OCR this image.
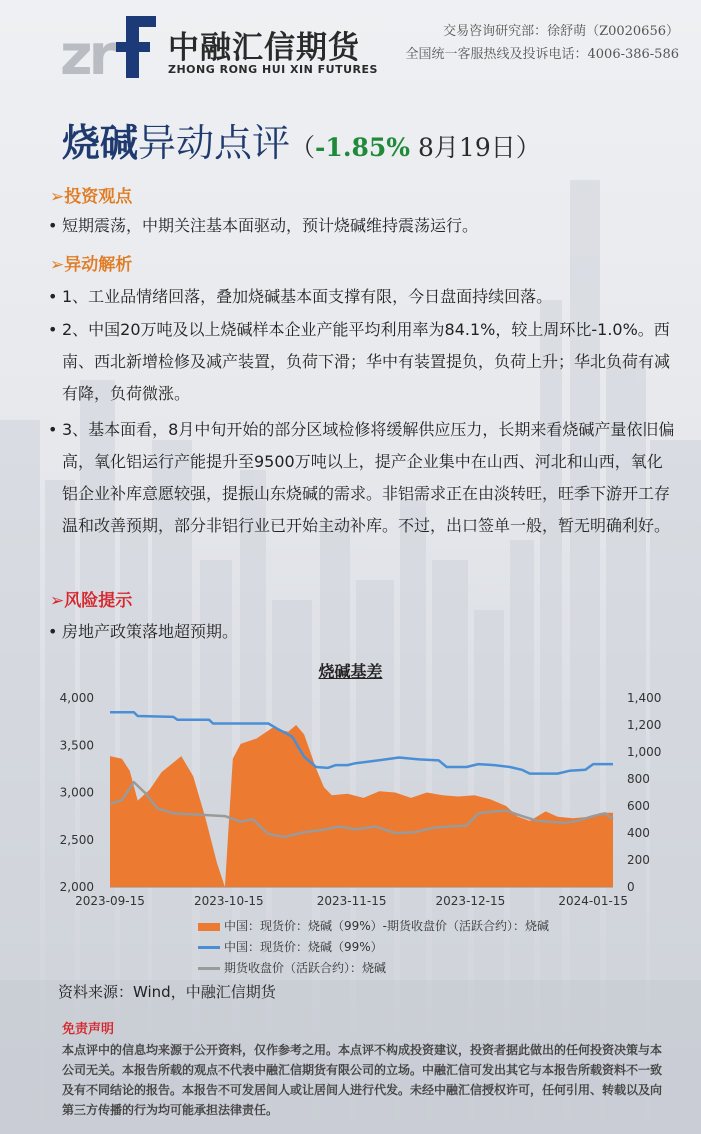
zr 中融汇信期货
ZHONG RONG HUI XIN FUTURES
交易咨询研究部：徐舒萌（Z0020656）
全国统一客服热线及投诉电话：4006-386-586
烧碱异动点评（-1.85% 8月19日）
➢投资观点
• 短期震荡，中期关注基本面驱动，预计烧碱维持震荡运行。
➢异动解析
• 1、工业品情绪回落，叠加烧碱基本面支撑有限，今日盘面持续回落。
• 2、中国20万吨及以上烧碱样本企业产能平均利用率为84.1%，较上周环比-1.0%。西南、西北新增检修及减产装置，负荷下滑；华中有装置提负，负荷上升；华北负荷有减有降，负荷微涨。
• 3、基本面看，8月中旬开始的部分区域检修将缓解供应压力，长期来看烧碱产量依旧偏高，氧化铝运行产能提升至9500万吨以上，提产企业集中在山西、河北和山西，氧化铝企业补库意愿较强，提振山东烧碱的需求。非铝需求正在由淡转旺，旺季下游开工存温和改善预期，部分非铝行业已开始主动补库。不过，出口签单一般，暂无明确利好。
➢风险提示
• 房地产政策落地超预期。
烧碱基差
2,000
2,500
3,000
3,500
4,000
0
200
400
600
800
1,000
1,200
1,400
2023-09-15	2023-10-15	2023-11-15	2023-12-15	2024-01-15
中国：现货价：烧碱（99%）-期货收盘价（活跃合约）：烧碱
中国：现货价：烧碱（99%）
期货收盘价（活跃合约）：烧碱
资料来源：Wind，中融汇信期货
免责声明
本点评中的信息均来源于公开资料，仅作参考之用。本点评不构成投资建议，投资者据此做出的任何投资决策与本公司无关。本报告所载的观点不代表中融汇信期货有限公司的立场。中融汇信可发出其它与本报告所载资料不一致及有不同结论的报告。本报告不可发居间人或让居间人进行代发。未经中融汇信授权许可，任何引用、转载以及向第三方传播的行为均可能承担法律责任。
